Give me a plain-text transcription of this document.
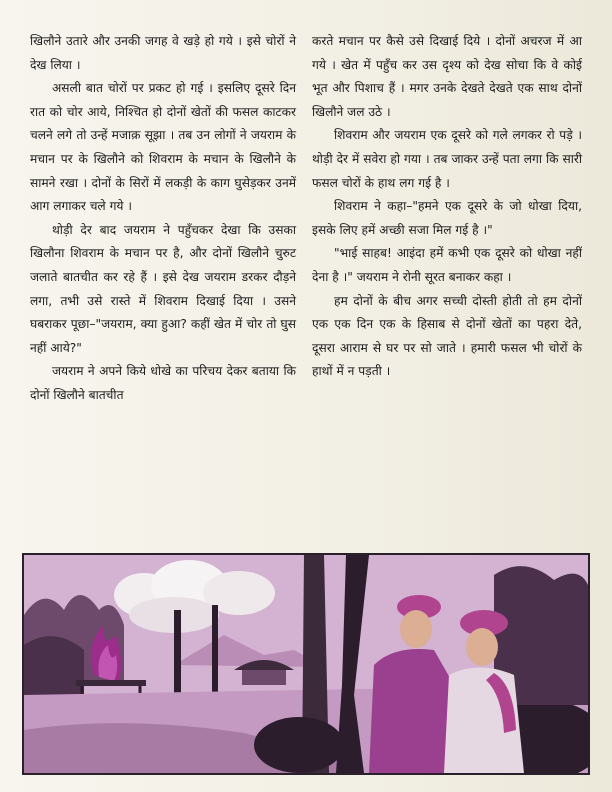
खिलौने उतारे और उनकी जगह वे खड़े हो गये । इसे चोरों ने देख लिया ।

असली बात चोरों पर प्रकट हो गई । इसलिए दूसरे दिन रात को चोर आये, निश्चित हो दोनों खेतों की फसल काटकर चलने लगे तो उन्हें मजाक़ सूझा । तब उन लोगों ने जयराम के मचान पर के खिलौने को शिवराम के मचान के खिलौने के सामने रखा । दोनों के सिरों में लकड़ी के काग घुसेड़कर उनमें आग लगाकर चले गये ।

थोड़ी देर बाद जयराम ने पहुँचकर देखा कि उसका खिलौना शिवराम के मचान पर है, और दोनों खिलौने चुरुट जलाते बातचीत कर रहे हैं । इसे देख जयराम डरकर दौड़ने लगा, तभी उसे रास्ते में शिवराम दिखाई दिया । उसने घबराकर पूछा–"जयराम, क्या हुआ? कहीं खेत में चोर तो घुस नहीं आये?"

जयराम ने अपने किये धोखे का परिचय देकर बताया कि दोनों खिलौने बातचीत

करते मचान पर कैसे उसे दिखाई दिये । दोनों अचरज में आ गये । खेत में पहुँच कर उस दृश्य को देख सोचा कि वे कोई भूत और पिशाच हैं । मगर उनके देखते देखते एक साथ दोनों खिलौने जल उठे ।

शिवराम और जयराम एक दूसरे को गले लगकर रो पड़े । थोड़ी देर में सवेरा हो गया । तब जाकर उन्हें पता लगा कि सारी फसल चोरों के हाथ लग गई है ।

शिवराम ने कहा–"हमने एक दूसरे के जो धोखा दिया, इसके लिए हमें अच्छी सजा मिल गई है ।"

"भाई साहब! आइंदा हमें कभी एक दूसरे को धोखा नहीं देना है ।" जयराम ने रोनी सूरत बनाकर कहा ।

हम दोनों के बीच अगर सच्ची दोस्ती होती तो हम दोनों एक एक दिन एक के हिसाब से दोनों खेतों का पहरा देते, दूसरा आराम से घर पर सो जाते । हमारी फसल भी चोरों के हाथों में न पड़ती ।
